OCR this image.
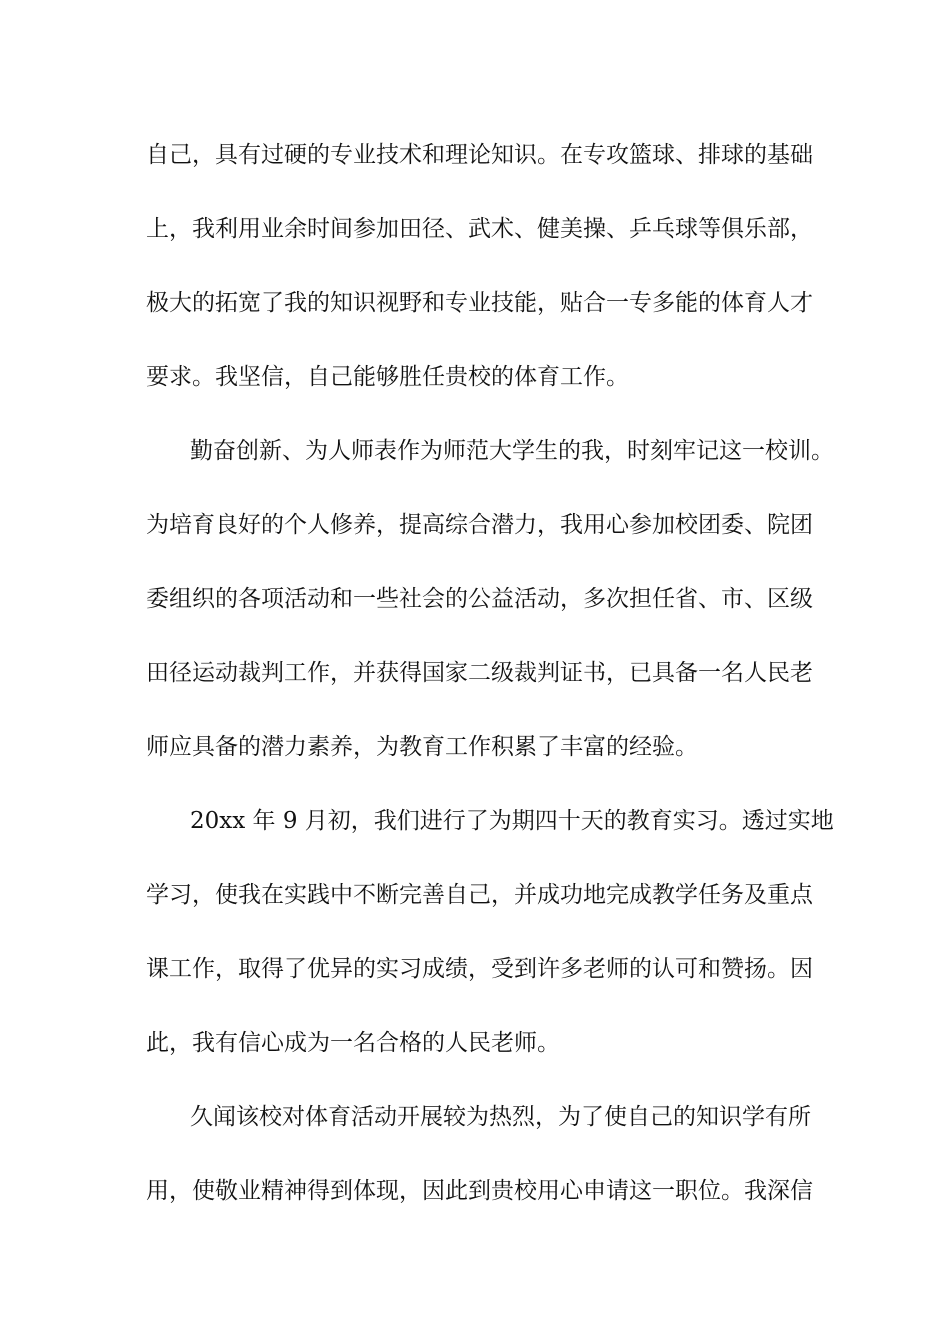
自己，具有过硬的专业技术和理论知识。在专攻篮球、排球的基础
上，我利用业余时间参加田径、武术、健美操、乒乓球等俱乐部，
极大的拓宽了我的知识视野和专业技能，贴合一专多能的体育人才
要求。我坚信，自己能够胜任贵校的体育工作。
勤奋创新、为人师表作为师范大学生的我，时刻牢记这一校训。
为培育良好的个人修养，提高综合潜力，我用心参加校团委、院团
委组织的各项活动和一些社会的公益活动，多次担任省、市、区级
田径运动裁判工作，并获得国家二级裁判证书，已具备一名人民老
师应具备的潜力素养，为教育工作积累了丰富的经验。
20xx 年 9 月初，我们进行了为期四十天的教育实习。透过实地
学习，使我在实践中不断完善自己，并成功地完成教学任务及重点
课工作，取得了优异的实习成绩，受到许多老师的认可和赞扬。因
此，我有信心成为一名合格的人民老师。
久闻该校对体育活动开展较为热烈，为了使自己的知识学有所
用，使敬业精神得到体现，因此到贵校用心申请这一职位。我深信
